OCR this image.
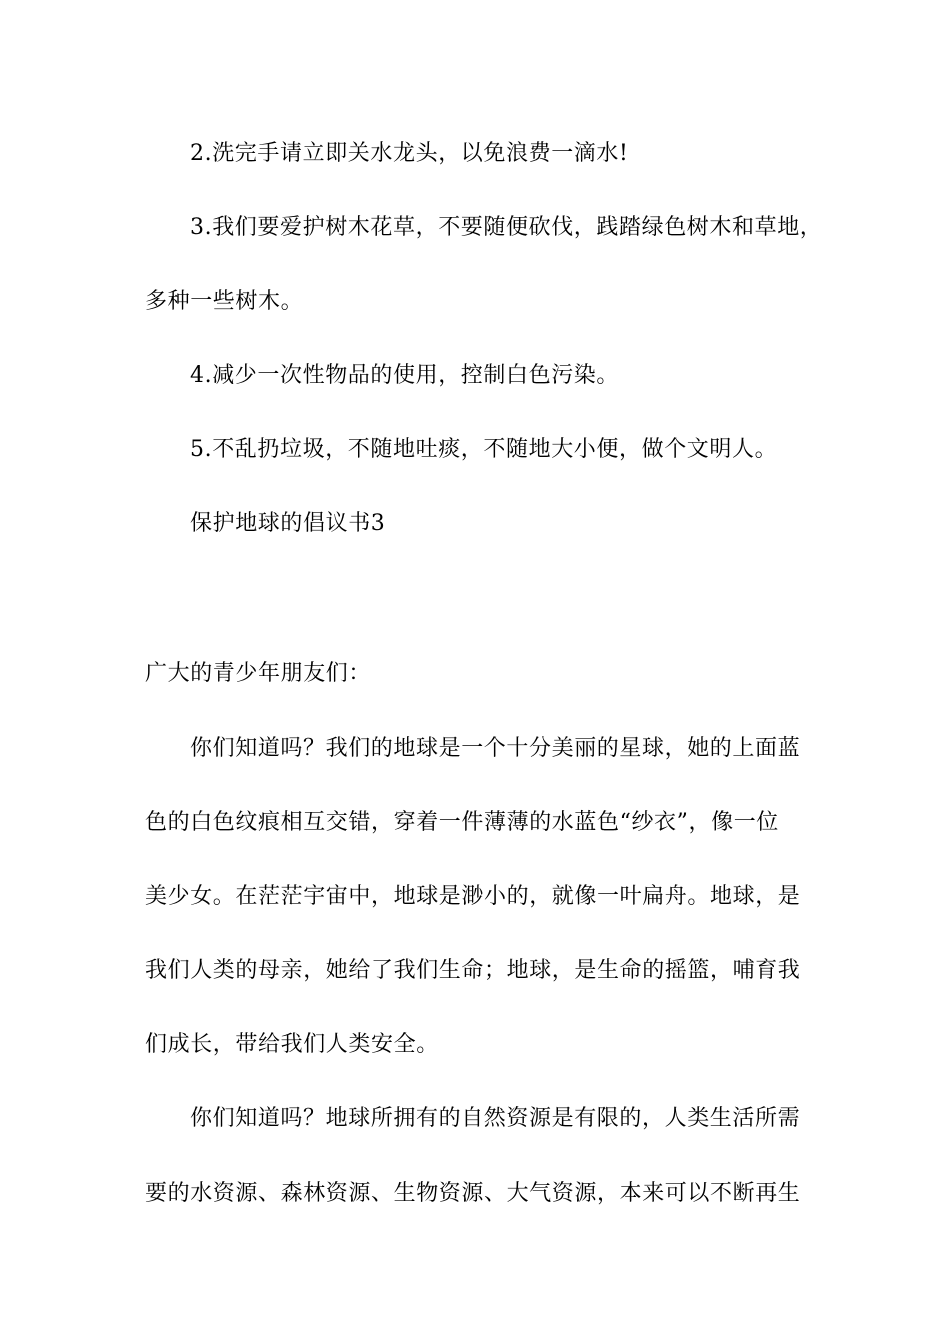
2.洗完手请立即关水龙头，以免浪费一滴水!

3.我们要爱护树木花草，不要随便砍伐，践踏绿色树木和草地，

多种一些树木。

4.减少一次性物品的使用，控制白色污染。

5.不乱扔垃圾，不随地吐痰，不随地大小便，做个文明人。

保护地球的倡议书3

广大的青少年朋友们：

你们知道吗？我们的地球是一个十分美丽的星球，她的上面蓝

色的白色纹痕相互交错，穿着一件薄薄的水蓝色“纱衣”，像一位

美少女。在茫茫宇宙中，地球是渺小的，就像一叶扁舟。地球，是

我们人类的母亲，她给了我们生命；地球，是生命的摇篮，哺育我

们成长，带给我们人类安全。

你们知道吗？地球所拥有的自然资源是有限的，人类生活所需

要的水资源、森林资源、生物资源、大气资源，本来可以不断再生
